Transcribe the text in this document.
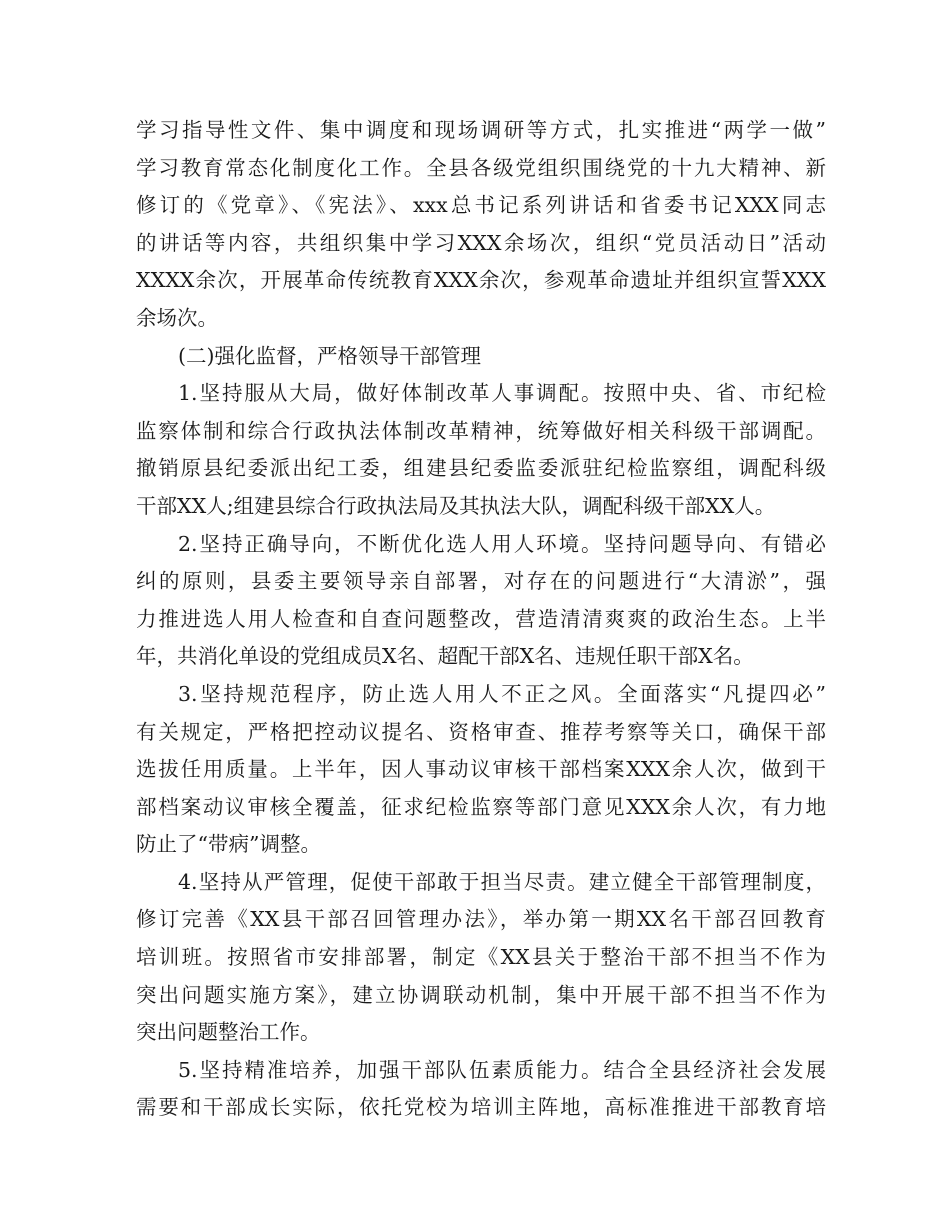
学习指导性文件、集中调度和现场调研等方式，扎实推进“两学一做”
学习教育常态化制度化工作。全县各级党组织围绕党的十九大精神、新
修订的《党章》、《宪法》、xxx总书记系列讲话和省委书记XXX同志
的讲话等内容，共组织集中学习XXX余场次，组织“党员活动日”活动
XXXX余次，开展革命传统教育XXX余次，参观革命遗址并组织宣誓XXX
余场次。
(二)强化监督，严格领导干部管理
1.坚持服从大局，做好体制改革人事调配。按照中央、省、市纪检
监察体制和综合行政执法体制改革精神，统筹做好相关科级干部调配。
撤销原县纪委派出纪工委，组建县纪委监委派驻纪检监察组，调配科级
干部XX人;组建县综合行政执法局及其执法大队，调配科级干部XX人。
2.坚持正确导向，不断优化选人用人环境。坚持问题导向、有错必
纠的原则，县委主要领导亲自部署，对存在的问题进行“大清淤”，强
力推进选人用人检查和自查问题整改，营造清清爽爽的政治生态。上半
年，共消化单设的党组成员X名、超配干部X名、违规任职干部X名。
3.坚持规范程序，防止选人用人不正之风。全面落实“凡提四必”
有关规定，严格把控动议提名、资格审查、推荐考察等关口，确保干部
选拔任用质量。上半年，因人事动议审核干部档案XXX余人次，做到干
部档案动议审核全覆盖，征求纪检监察等部门意见XXX余人次，有力地
防止了“带病”调整。
4.坚持从严管理，促使干部敢于担当尽责。建立健全干部管理制度，
修订完善《XX县干部召回管理办法》，举办第一期XX名干部召回教育
培训班。按照省市安排部署，制定《XX县关于整治干部不担当不作为
突出问题实施方案》，建立协调联动机制，集中开展干部不担当不作为
突出问题整治工作。
5.坚持精准培养，加强干部队伍素质能力。结合全县经济社会发展
需要和干部成长实际，依托党校为培训主阵地，高标准推进干部教育培
